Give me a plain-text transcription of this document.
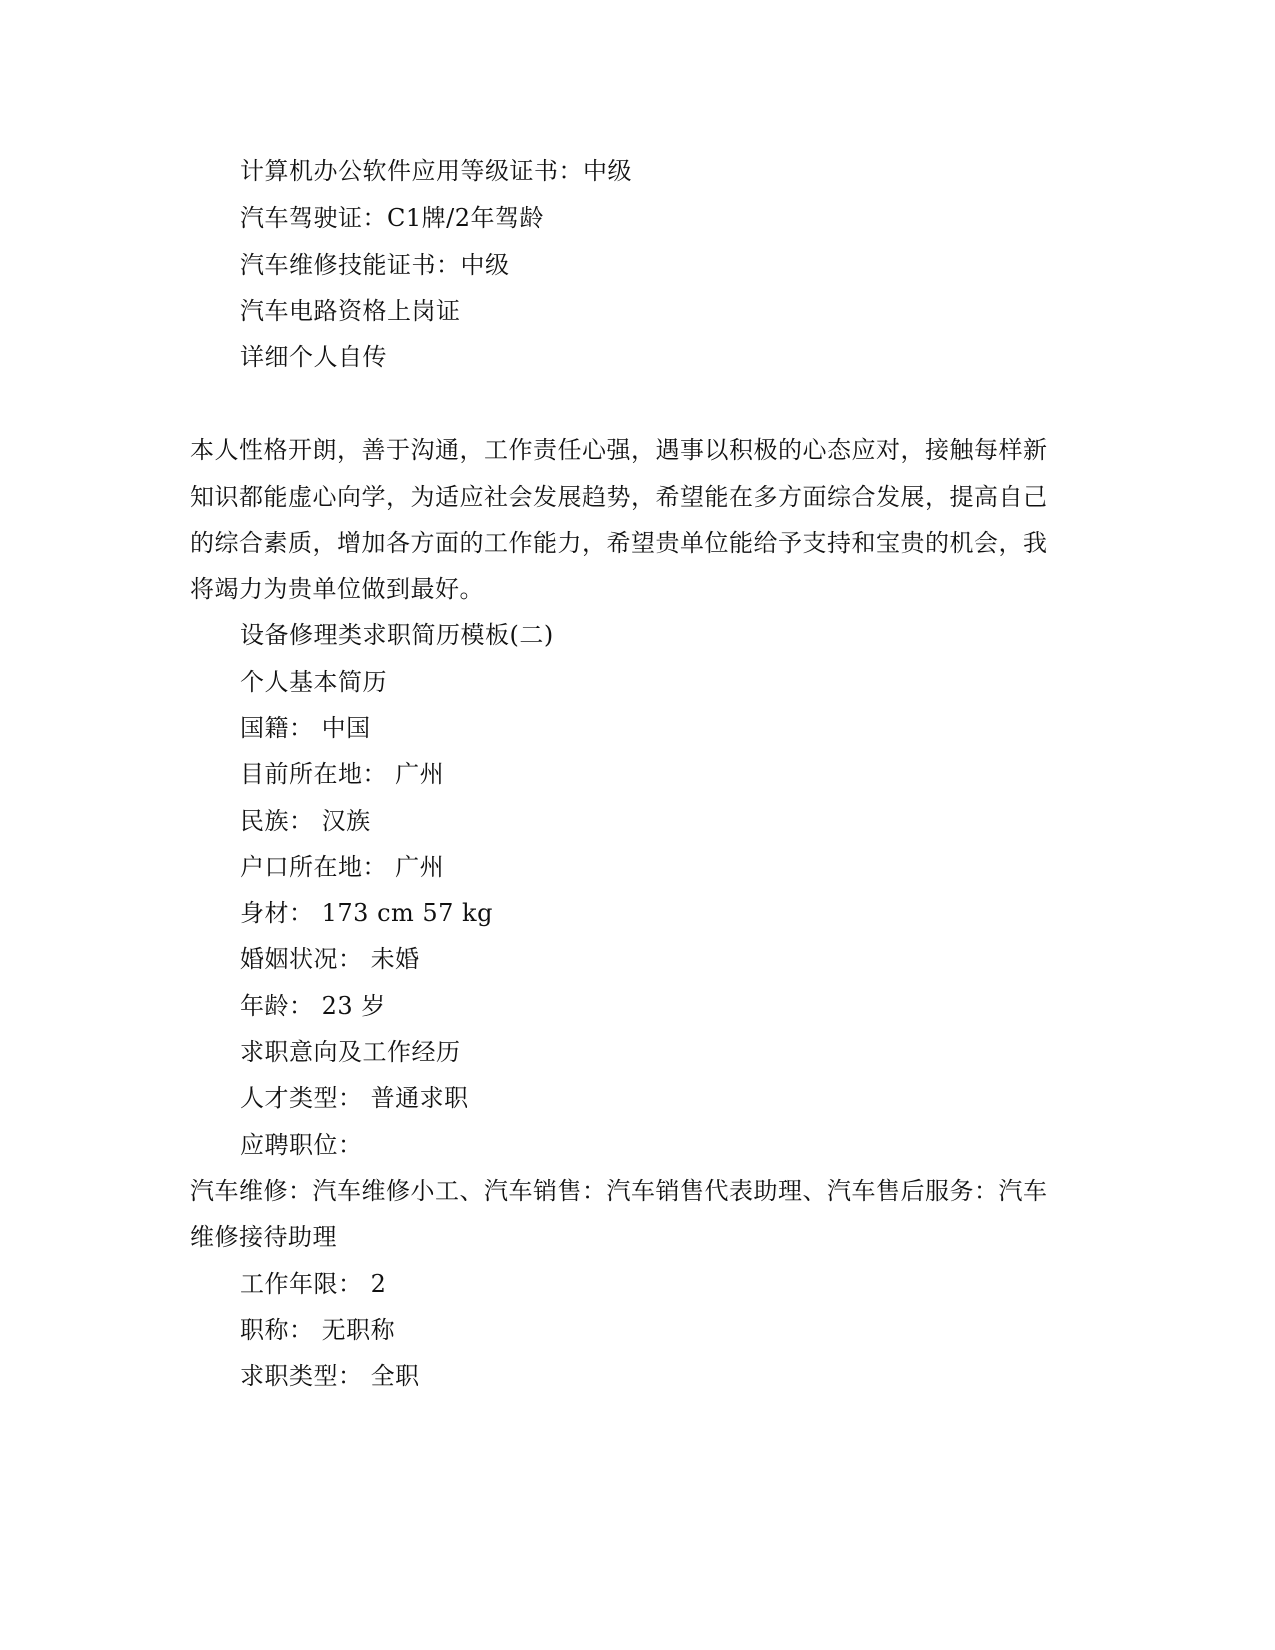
计算机办公软件应用等级证书：中级
汽车驾驶证：C1牌/2年驾龄
汽车维修技能证书：中级
汽车电路资格上岗证
详细个人自传
本人性格开朗，善于沟通，工作责任心强，遇事以积极的心态应对，接触每样新
知识都能虚心向学，为适应社会发展趋势，希望能在多方面综合发展，提高自己
的综合素质，增加各方面的工作能力，希望贵单位能给予支持和宝贵的机会，我
将竭力为贵单位做到最好。
设备修理类求职简历模板(二)
个人基本简历
国籍： 中国
目前所在地： 广州
民族： 汉族
户口所在地： 广州
身材： 173 cm 57 kg
婚姻状况： 未婚
年龄： 23 岁
求职意向及工作经历
人才类型： 普通求职
应聘职位：
汽车维修：汽车维修小工、汽车销售：汽车销售代表助理、汽车售后服务：汽车
维修接待助理
工作年限： 2
职称： 无职称
求职类型： 全职
